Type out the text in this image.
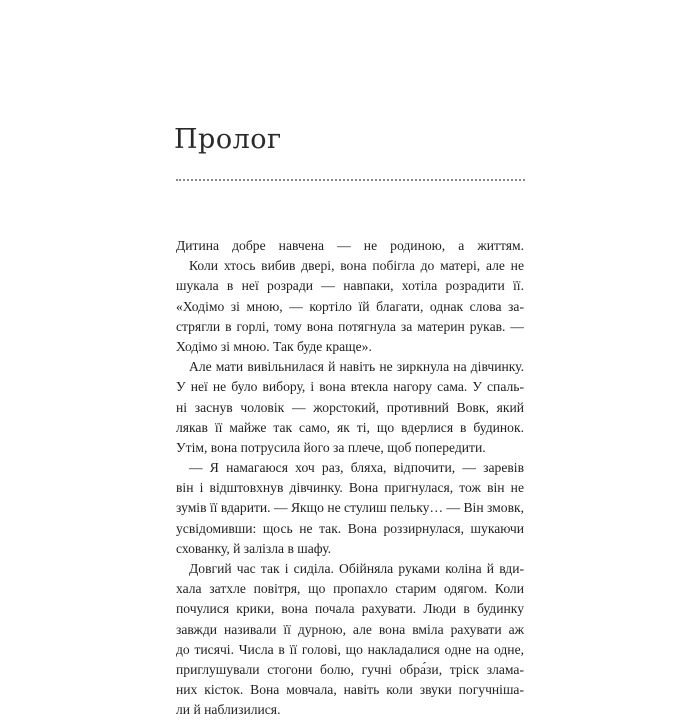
Пролог
Дитина добре навчена — не родиною, а життям.
Коли хтось вибив двері, вона побігла до матері, але не
шукала в неї розради — навпаки, хотіла розрадити її.
«Ходімо зі мною, — кортіло їй благати, однак слова за-
стрягли в горлі, тому вона потягнула за материн рукав. —
Ходімо зі мною. Так буде краще».
Але мати вивільнилася й навіть не зиркнула на дівчинку.
У неї не було вибору, і вона втекла нагору сама. У спаль-
ні заснув чоловік — жорстокий, противний Вовк, який
лякав її майже так само, як ті, що вдерлися в будинок.
Утім, вона потрусила його за плече, щоб попередити.
— Я намагаюся хоч раз, бляха, відпочити, — заревів
він і відштовхнув дівчинку. Вона пригнулася, тож він не
зумів її вдарити. — Якщо не стулиш пельку… — Він змовк,
усвідомивши: щось не так. Вона роззирнулася, шукаючи
схованку, й залізла в шафу.
Довгий час так і сиділа. Обійняла руками коліна й вди-
хала затхле повітря, що пропахло старим одягом. Коли
почулися крики, вона почала рахувати. Люди в будинку
завжди називали її дурною, але вона вміла рахувати аж
до тисячі. Числа в її голові, що накладалися одне на одне,
приглушували стогони болю, гучні обра́зи, тріск злама-
них кісток. Вона мовчала, навіть коли звуки погучніша-
ли й наблизилися.
